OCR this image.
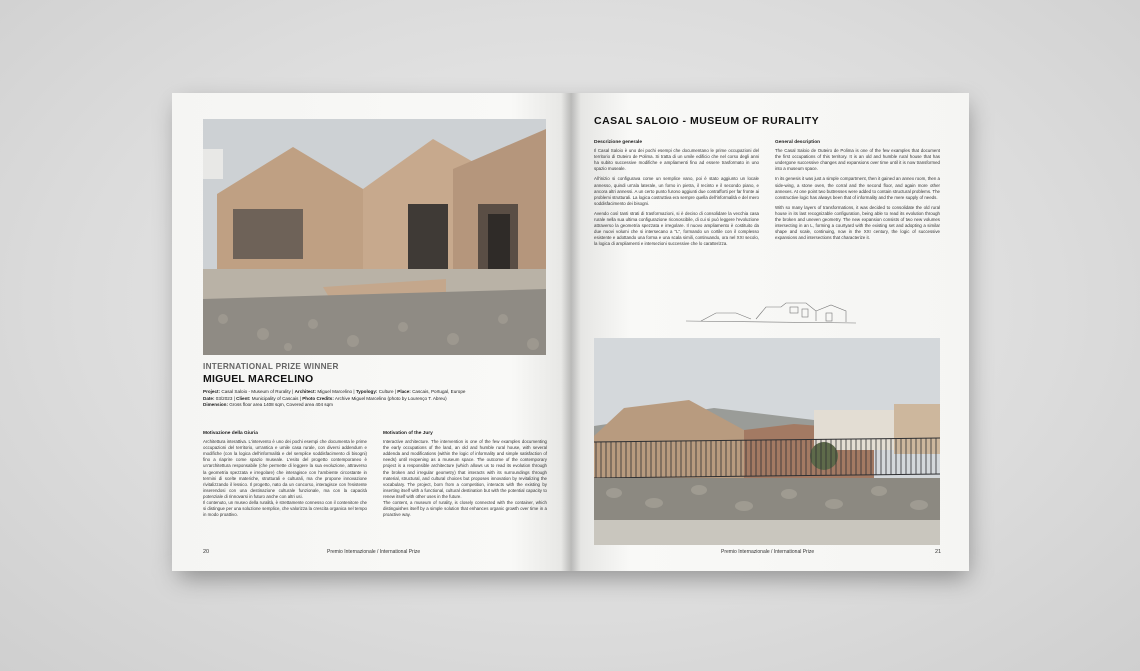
INTERNATIONAL PRIZE WINNER
MIGUEL MARCELINO
Project: Casal Saloio - Museum of Rurality | Architect: Miguel Marcelino | Typology: Culture | Place: Cascais, Portugal, Europe
Date: 03/2023 | Client: Municipality of Cascais | Photo Credits: Archive Miguel Marcelino (photo by Lourenço T. Abreu)
Dimension: Gross floor area 1408 sqm, Covered area 404 sqm
Motivazione della Giuria

Architettura interattiva. L'intervento è uno dei pochi esempi che documenta le prime occupazioni del territorio, un'antica e umile casa rurale, con diversi addendum e modifiche (con la logica dell'informalità e del semplice soddisfacimento di bisogni) fino a riaprire come spazio museale. L'esito del progetto contemporaneo è un'architettura responsabile (che permette di leggere la sua evoluzione, attraverso la geometria spezzata e irregolare) che interagisce con l'ambiente circostante in termini di scelte materiche, strutturali e culturali, ma che propone innovazione rivitalizzando il lessico. Il progetto, nato da un concorso, interagisce con l'esistente inserendosi con una destinazione culturale funzionale, ma con la capacità potenziale di rinnovarsi in futuro anche con altri usi.

Il contenuto, un museo della ruralità, è strettamente connesso con il contenitore che si distingue per una soluzione semplice, che valorizza la crescita organica nel tempo in modo proattivo.

Motivation of the Jury

Interactive architecture. The intervention is one of the few examples documenting the early occupations of the land, an old and humble rural house, with several addenda and modifications (within the logic of informality and simple satisfaction of needs) until reopening as a museum space. The outcome of the contemporary project is a responsible architecture (which allows us to read its evolution through the broken and irregular geometry) that interacts with its surroundings through material, structural, and cultural choices but proposes innovation by revitalizing the vocabulary. The project, born from a competition, interacts with the existing by inserting itself with a functional, cultural destination but with the potential capacity to renew itself with other uses in the future.

The content, a museum of rurality, is closely connected with the container, which distinguishes itself by a simple solution that enhances organic growth over time in a proactive way.

20	Premio Internazionale / International Prize
CASAL SALOIO - MUSEUM OF RURALITY
Descrizione generale

Il Casal Saloio è uno dei pochi esempi che documentano le prime occupazioni del territorio di Outeiro de Polima. Si tratta di un umile edificio che nel corso degli anni ha subito successive modifiche e ampliamenti fino ad essere trasformato in uno spazio museale.

All'inizio si configurava come un semplice vano, poi è stato aggiunto un locale annesso, quindi un'ala laterale, un forno in pietra, il recinto e il secondo piano, e ancora altri annessi. A un certo punto furono aggiunti due contrafforti per far fronte ai problemi strutturali. La logica costruttiva era sempre quella dell'informalità e del mero soddisfacimento dei bisogni.

Avendo così tanti strati di trasformazioni, si è deciso di consolidare la vecchia casa rurale nella sua ultima configurazione riconoscibile, di cui si può leggere l'evoluzione attraverso la geometria spezzata e irregolare. Il nuovo ampliamento è costituito da due nuovi volumi che si intersecano a "L", formando un cortile con il complesso esistente e adottando una forma e una scala simili, continuando, ora nel XXI secolo, la logica di ampliamenti e intersezioni successive che lo caratterizza.

General description

The Casal Saloio de Outeiro de Polima is one of the few examples that document the first occupations of this territory. It is an old and humble rural house that has undergone successive changes and expansions over time until it is now transformed into a museum space.

In its genesis it was just a simple compartment, then it gained an annex room, then a side-wing, a stone oven, the corral and the second floor, and again more other annexes. At one point two buttresses were added to contain structural problems. The constructive logic has always been that of informality and the mere supply of needs.

With so many layers of transformations, it was decided to consolidate the old rural house in its last recognizable configuration, being able to read its evolution through the broken and uneven geometry. The new expansion consists of two new volumes intersecting in an L, forming a courtyard with the existing set and adopting a similar shape and scale, continuing, now in the XXI century, the logic of successive expansions and intersections that characterize it.

Premio Internazionale / International Prize	21
